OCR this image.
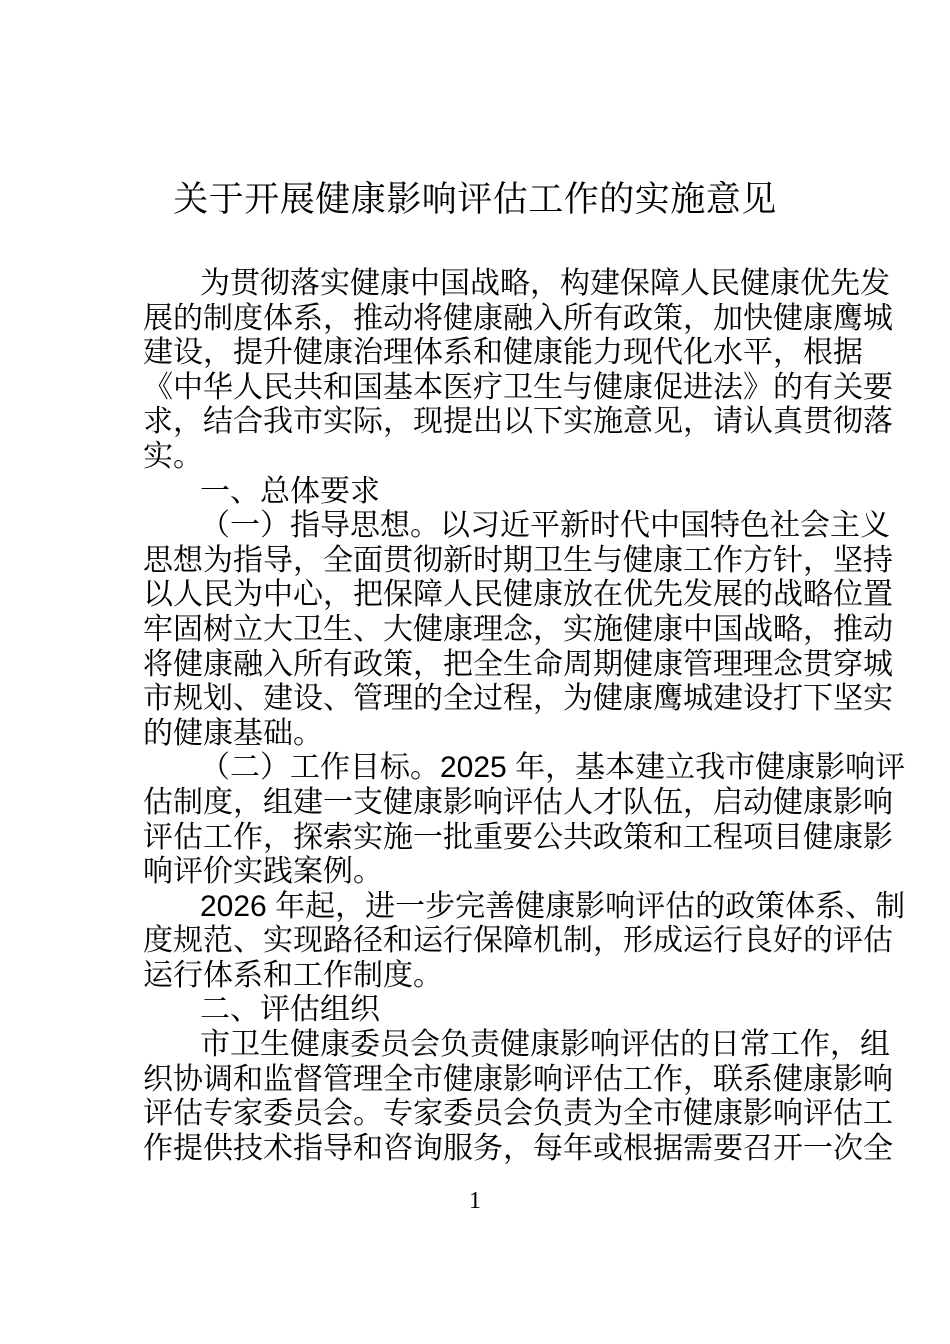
关于开展健康影响评估工作的实施意见
为贯彻落实健康中国战略，构建保障人民健康优先发
展的制度体系，推动将健康融入所有政策，加快健康鹰城
建设，提升健康治理体系和健康能力现代化水平，根据
《中华人民共和国基本医疗卫生与健康促进法》的有关要
求，结合我市实际，现提出以下实施意见，请认真贯彻落
实。
一、总体要求
（一）指导思想。以习近平新时代中国特色社会主义
思想为指导，全面贯彻新时期卫生与健康工作方针，坚持
以人民为中心，把保障人民健康放在优先发展的战略位置
牢固树立大卫生、大健康理念，实施健康中国战略，推动
将健康融入所有政策，把全生命周期健康管理理念贯穿城
市规划、建设、管理的全过程，为健康鹰城建设打下坚实
的健康基础。
（二）工作目标。2025 年，基本建立我市健康影响评
估制度，组建一支健康影响评估人才队伍，启动健康影响
评估工作，探索实施一批重要公共政策和工程项目健康影
响评价实践案例。
2026 年起，进一步完善健康影响评估的政策体系、制
度规范、实现路径和运行保障机制，形成运行良好的评估
运行体系和工作制度。
二、评估组织
市卫生健康委员会负责健康影响评估的日常工作，组
织协调和监督管理全市健康影响评估工作，联系健康影响
评估专家委员会。专家委员会负责为全市健康影响评估工
作提供技术指导和咨询服务，每年或根据需要召开一次全
1
